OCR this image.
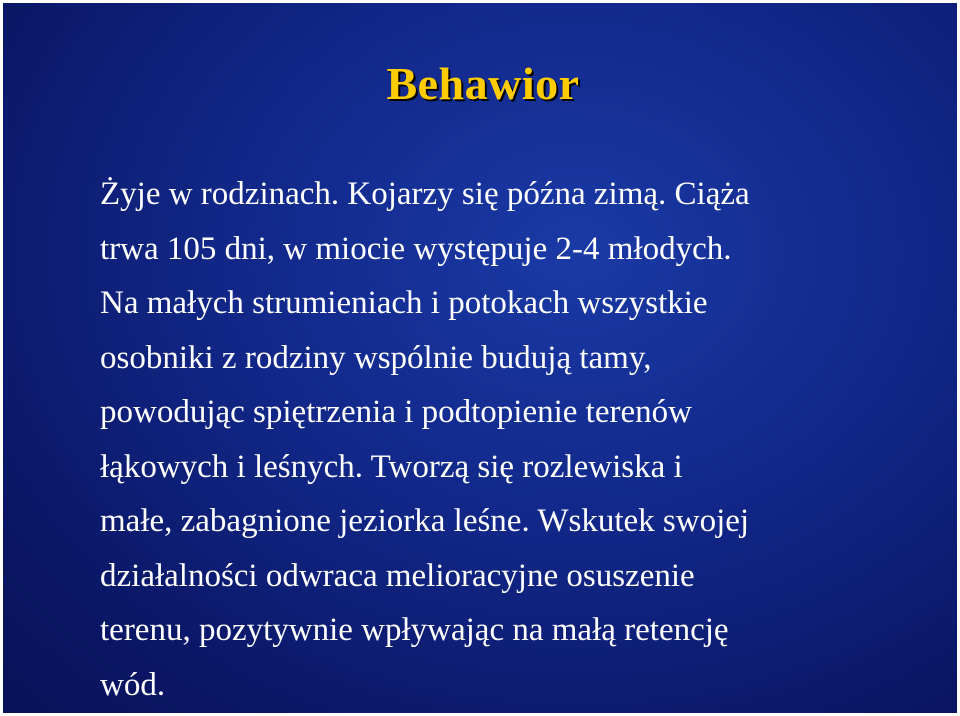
Behawior

Żyje w rodzinach. Kojarzy się późna zimą. Ciąża
trwa 105 dni, w miocie występuje 2-4 młodych.
Na małych strumieniach i potokach wszystkie
osobniki z rodziny wspólnie budują tamy,
powodując spiętrzenia i podtopienie terenów
łąkowych i leśnych. Tworzą się rozlewiska i
małe, zabagnione jeziorka leśne. Wskutek swojej
działalności odwraca melioracyjne osuszenie
terenu, pozytywnie wpływając na małą retencję
wód.
